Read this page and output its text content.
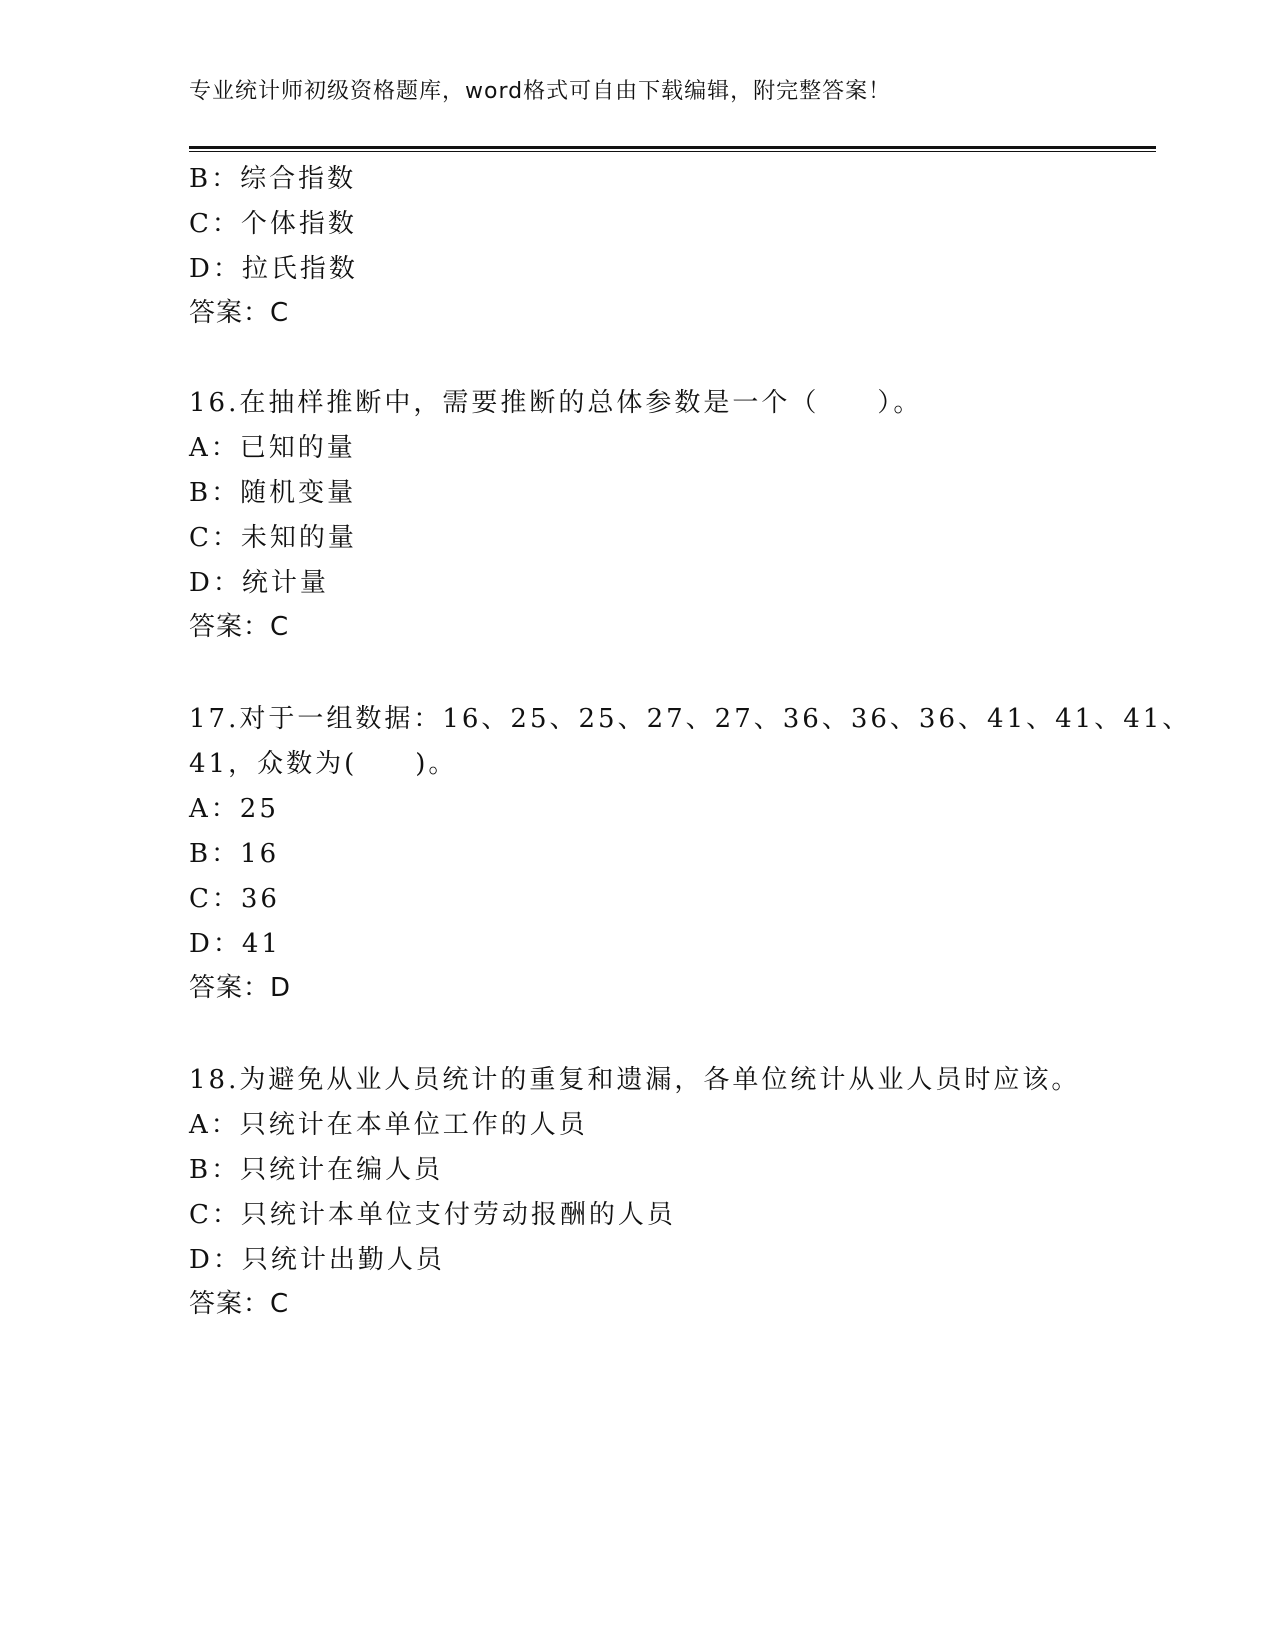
专业统计师初级资格题库，word格式可自由下载编辑，附完整答案！
B：综合指数
C：个体指数
D：拉氏指数
答案：C
16.在抽样推断中，需要推断的总体参数是一个（　　）。
A：已知的量
B：随机变量
C：未知的量
D：统计量
答案：C
17.对于一组数据：16、25、25、27、27、36、36、36、41、41、41、
41，众数为(　　)。
A：25
B：16
C：36
D：41
答案：D
18.为避免从业人员统计的重复和遗漏，各单位统计从业人员时应该。
A：只统计在本单位工作的人员
B：只统计在编人员
C：只统计本单位支付劳动报酬的人员
D：只统计出勤人员
答案：C
